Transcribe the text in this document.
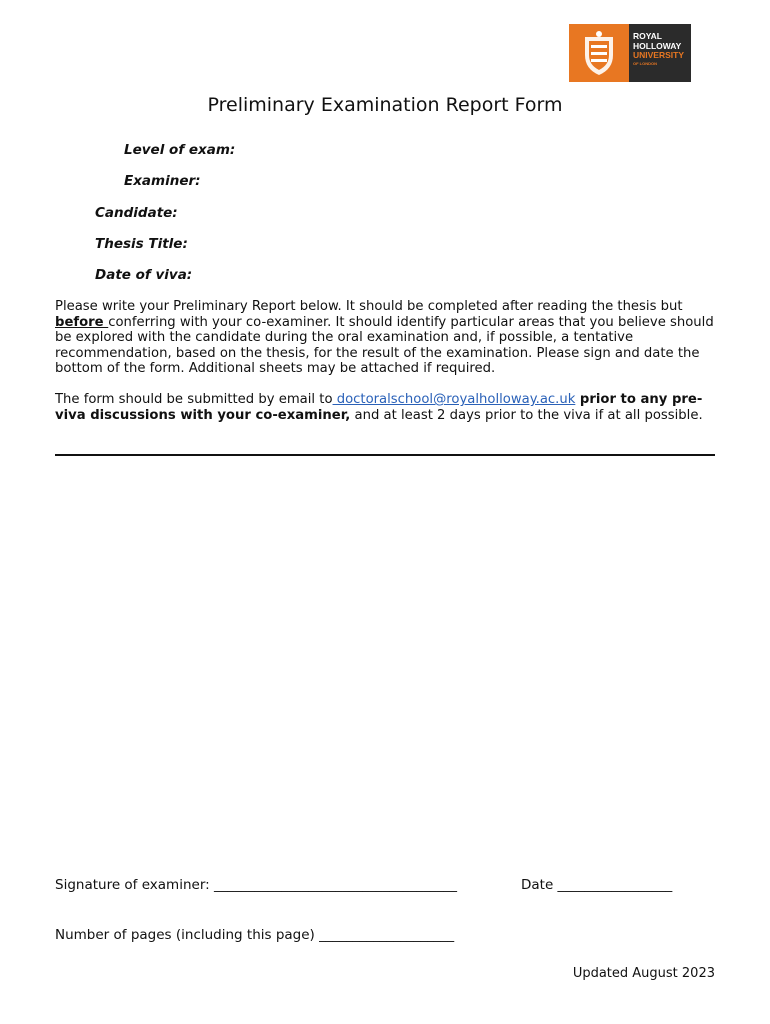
ROYAL
HOLLOWAY
UNIVERSITY
OF LONDON
Preliminary Examination Report Form
Level of exam:
Examiner:
Candidate:
Thesis Title:
Date of viva:
Please write your Preliminary Report below. It should be completed after reading the thesis but before conferring with your co-examiner. It should identify particular areas that you believe should be explored with the candidate during the oral examination and, if possible, a tentative recommendation, based on the thesis, for the result of the examination. Please sign and date the bottom of the form. Additional sheets may be attached if required.
The form should be submitted by email to doctoralschool@royalholloway.ac.uk prior to any pre-viva discussions with your co-examiner, and at least 2 days prior to the viva if at all possible.
Signature of examiner: ____________________________________	Date _________________
Number of pages (including this page) ____________________
Updated August 2023
